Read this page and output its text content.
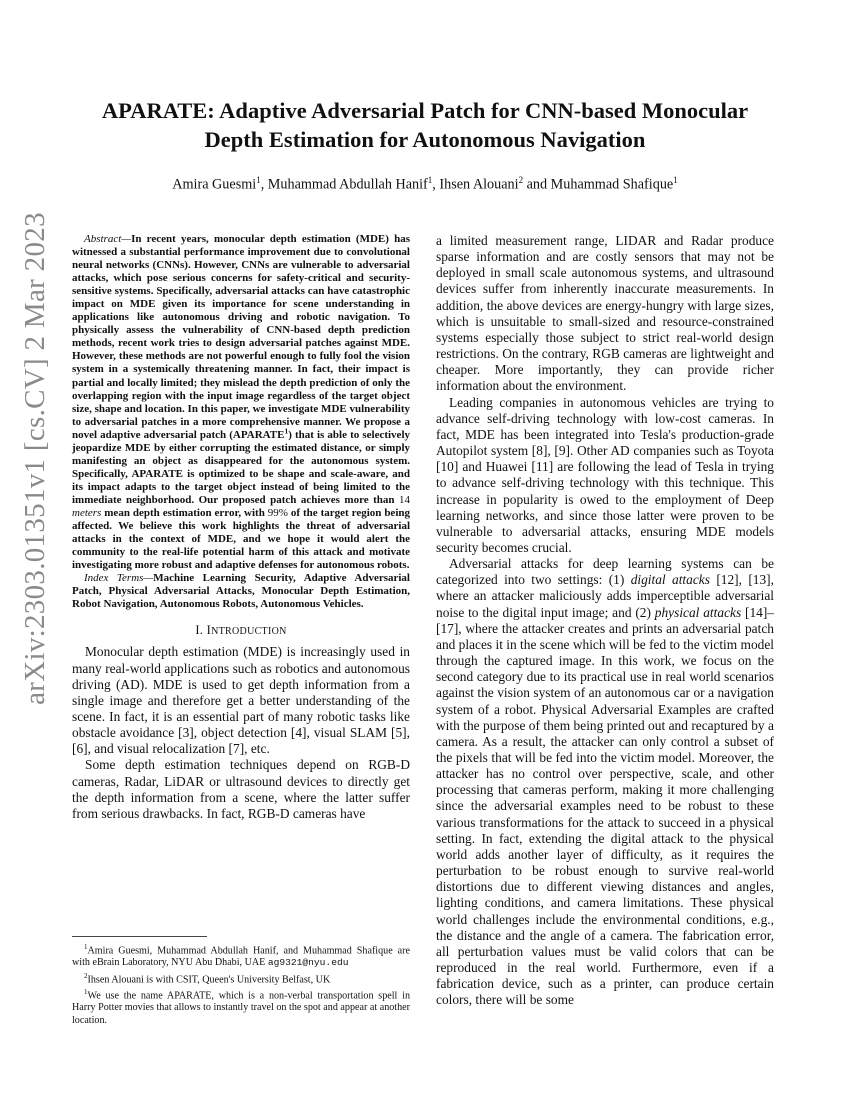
arXiv:2303.01351v1 [cs.CV] 2 Mar 2023
APARATE: Adaptive Adversarial Patch for CNN-based Monocular
Depth Estimation for Autonomous Navigation

Amira Guesmi$^1$, Muhammad Abdullah Hanif$^1$, Ihsen Alouani$^2$ and Muhammad Shafique$^1$

Abstract—In recent years, monocular depth estimation (MDE) has witnessed a substantial performance improvement due to convolutional neural networks (CNNs). However, CNNs are vulnerable to adversarial attacks, which pose serious concerns for safety-critical and security-sensitive systems. Specifically, adversarial attacks can have catastrophic impact on MDE given its importance for scene understanding in applications like autonomous driving and robotic navigation. To physically assess the vulnerability of CNN-based depth prediction methods, recent work tries to design adversarial patches against MDE. However, these methods are not powerful enough to fully fool the vision system in a systemically threatening manner. In fact, their impact is partial and locally limited; they mislead the depth prediction of only the overlapping region with the input image regardless of the target object size, shape and location. In this paper, we investigate MDE vulnerability to adversarial patches in a more comprehensive manner. We propose a novel adaptive adversarial patch (APARATE$^1$) that is able to selectively jeopardize MDE by either corrupting the estimated distance, or simply manifesting an object as disappeared for the autonomous system. Specifically, APARATE is optimized to be shape and scale-aware, and its impact adapts to the target object instead of being limited to the immediate neighborhood. Our proposed patch achieves more than 14 meters mean depth estimation error, with 99% of the target region being affected. We believe this work highlights the threat of adversarial attacks in the context of MDE, and we hope it would alert the community to the real-life potential harm of this attack and motivate investigating more robust and adaptive defenses for autonomous robots.

Index Terms—Machine Learning Security, Adaptive Adversarial Patch, Physical Adversarial Attacks, Monocular Depth Estimation, Robot Navigation, Autonomous Robots, Autonomous Vehicles.

I. INTRODUCTION

Monocular depth estimation (MDE) is increasingly used in many real-world applications such as robotics and autonomous driving (AD). MDE is used to get depth information from a single image and therefore get a better understanding of the scene. In fact, it is an essential part of many robotic tasks like obstacle avoidance [3], object detection [4], visual SLAM [5], [6], and visual relocalization [7], etc.

Some depth estimation techniques depend on RGB-D cameras, Radar, LiDAR or ultrasound devices to directly get the depth information from a scene, where the latter suffer from serious drawbacks. In fact, RGB-D cameras have

$^1$Amira Guesmi, Muhammad Abdullah Hanif, and Muhammad Shafique are with eBrain Laboratory, NYU Abu Dhabi, UAE ag9321@nyu.edu

$^2$Ihsen Alouani is with CSIT, Queen's University Belfast, UK

$^1$We use the name APARATE, which is a non-verbal transportation spell in Harry Potter movies that allows to instantly travel on the spot and appear at another location.

a limited measurement range, LIDAR and Radar produce sparse information and are costly sensors that may not be deployed in small scale autonomous systems, and ultrasound devices suffer from inherently inaccurate measurements. In addition, the above devices are energy-hungry with large sizes, which is unsuitable to small-sized and resource-constrained systems especially those subject to strict real-world design restrictions. On the contrary, RGB cameras are lightweight and cheaper. More importantly, they can provide richer information about the environment.

Leading companies in autonomous vehicles are trying to advance self-driving technology with low-cost cameras. In fact, MDE has been integrated into Tesla's production-grade Autopilot system [8], [9]. Other AD companies such as Toyota [10] and Huawei [11] are following the lead of Tesla in trying to advance self-driving technology with this technique. This increase in popularity is owed to the employment of Deep learning networks, and since those latter were proven to be vulnerable to adversarial attacks, ensuring MDE models security becomes crucial.

Adversarial attacks for deep learning systems can be categorized into two settings: (1) digital attacks [12], [13], where an attacker maliciously adds imperceptible adversarial noise to the digital input image; and (2) physical attacks [14]–[17], where the attacker creates and prints an adversarial patch and places it in the scene which will be fed to the victim model through the captured image. In this work, we focus on the second category due to its practical use in real world scenarios against the vision system of an autonomous car or a navigation system of a robot. Physical Adversarial Examples are crafted with the purpose of them being printed out and recaptured by a camera. As a result, the attacker can only control a subset of the pixels that will be fed into the victim model. Moreover, the attacker has no control over perspective, scale, and other processing that cameras perform, making it more challenging since the adversarial examples need to be robust to these various transformations for the attack to succeed in a physical setting. In fact, extending the digital attack to the physical world adds another layer of difficulty, as it requires the perturbation to be robust enough to survive real-world distortions due to different viewing distances and angles, lighting conditions, and camera limitations. These physical world challenges include the environmental conditions, e.g., the distance and the angle of a camera. The fabrication error, all perturbation values must be valid colors that can be reproduced in the real world. Furthermore, even if a fabrication device, such as a printer, can produce certain colors, there will be some
